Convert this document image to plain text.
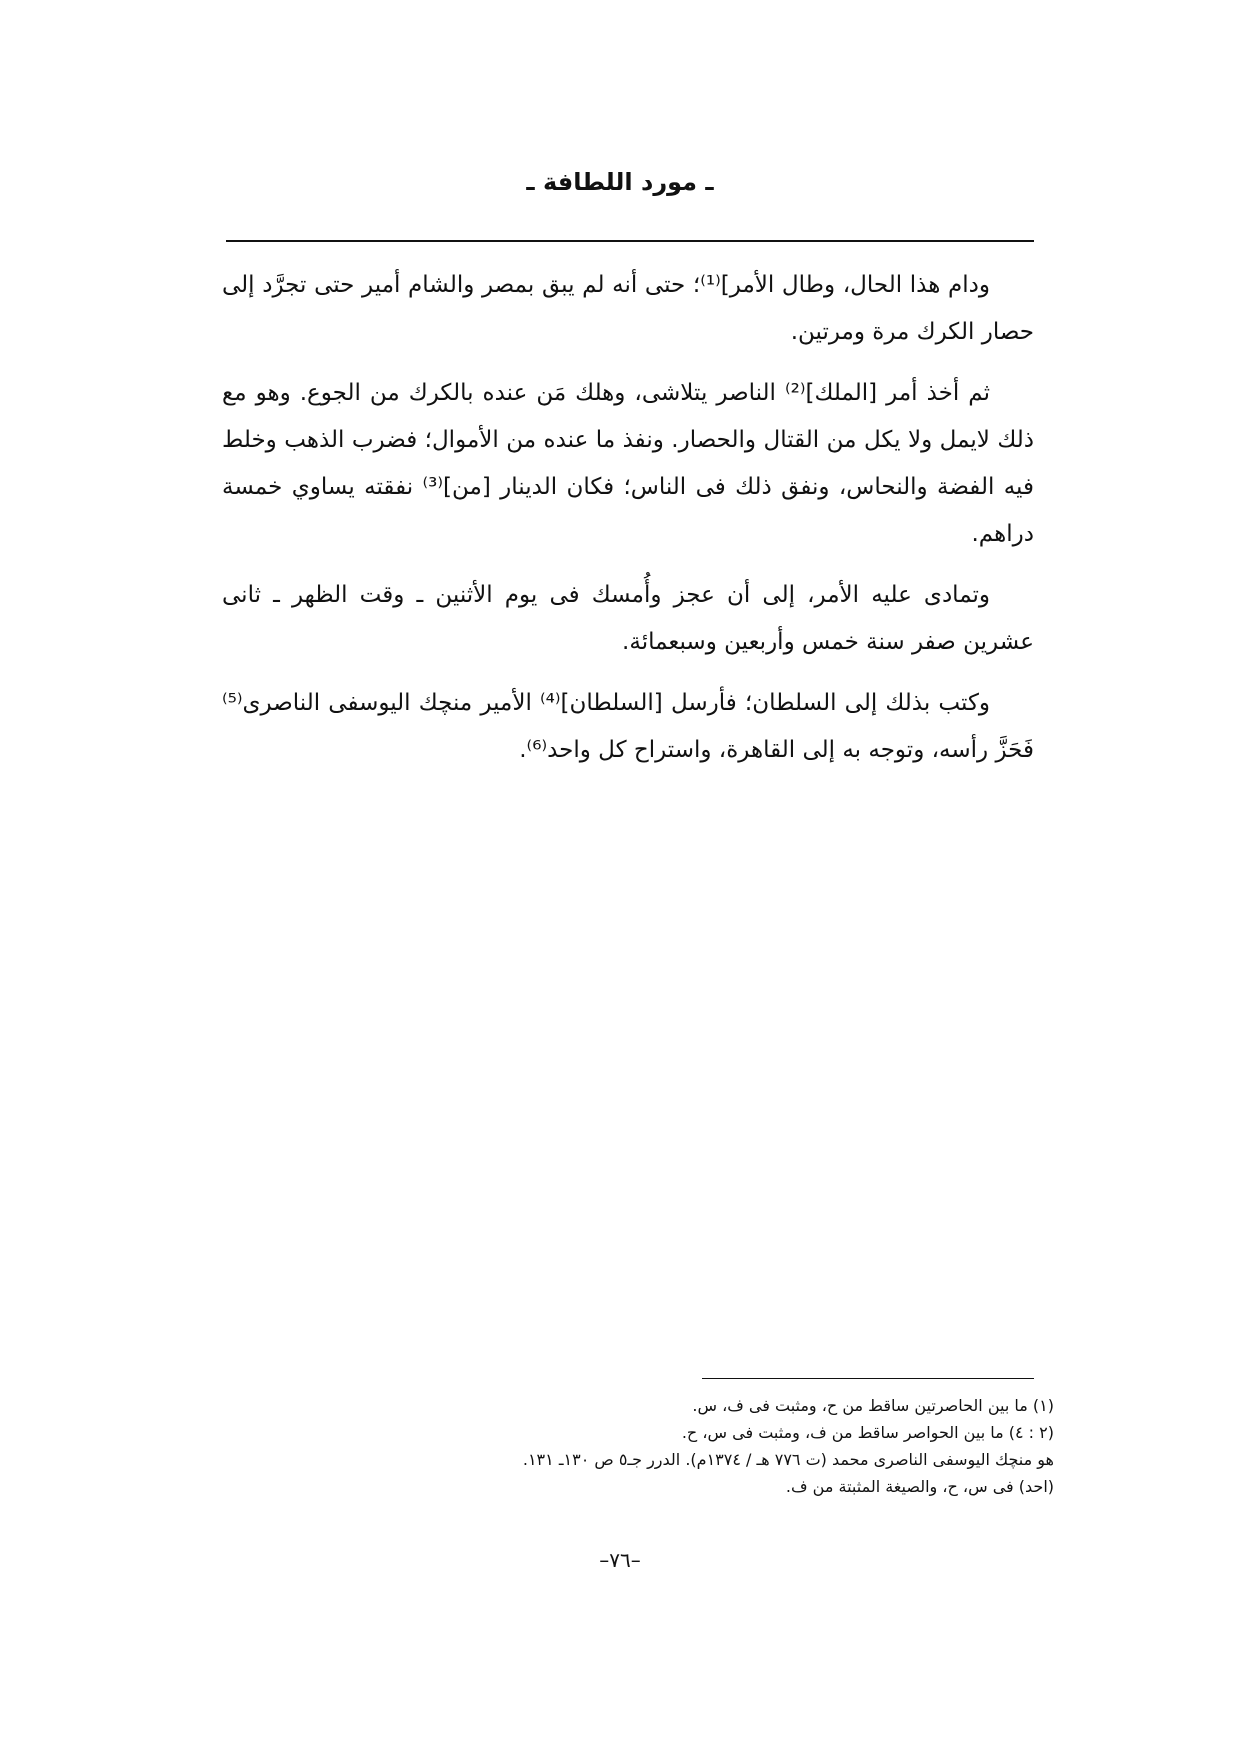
ـ مورد اللطافة ـ

ودام هذا الحال، وطال الأمر]⁽¹⁾؛ حتى أنه لم يبق بمصر والشام أمير حتى تجرَّد إلى حصار الكرك مرة ومرتين.

ثم أخذ أمر [الملك]⁽²⁾ الناصر يتلاشى، وهلك مَن عنده بالكرك من الجوع. وهو مع ذلك لايمل ولا يكل من القتال والحصار. ونفذ ما عنده من الأموال؛ فضرب الذهب وخلط فيه الفضة والنحاس، ونفق ذلك فى الناس؛ فكان الدينار [من]⁽³⁾ نفقته يساوي خمسة دراهم.

وتمادى عليه الأمر، إلى أن عجز وأُمسك فى يوم الأثنين ـ وقت الظهر ـ ثانى عشرين صفر سنة خمس وأربعين وسبعمائة.

وكتب بذلك إلى السلطان؛ فأرسل [السلطان]⁽⁴⁾ الأمير منچك اليوسفى الناصرى⁽⁵⁾ فَحَزَّ رأسه، وتوجه به إلى القاهرة، واستراح كل واحد⁽⁶⁾.

(١) ما بين الحاصرتين ساقط من ح، ومثبت فى ف، س.
(٢ : ٤) ما بين الحواصر ساقط من ف، ومثبت فى س، ح.
هو منچك اليوسفى الناصرى محمد (ت ٧٧٦ هـ / ١٣٧٤م). الدرر جـ٥ ص ١٣٠ـ ١٣١.
(احد) فى س، ح، والصيغة المثبتة من ف.
–٧٦–
